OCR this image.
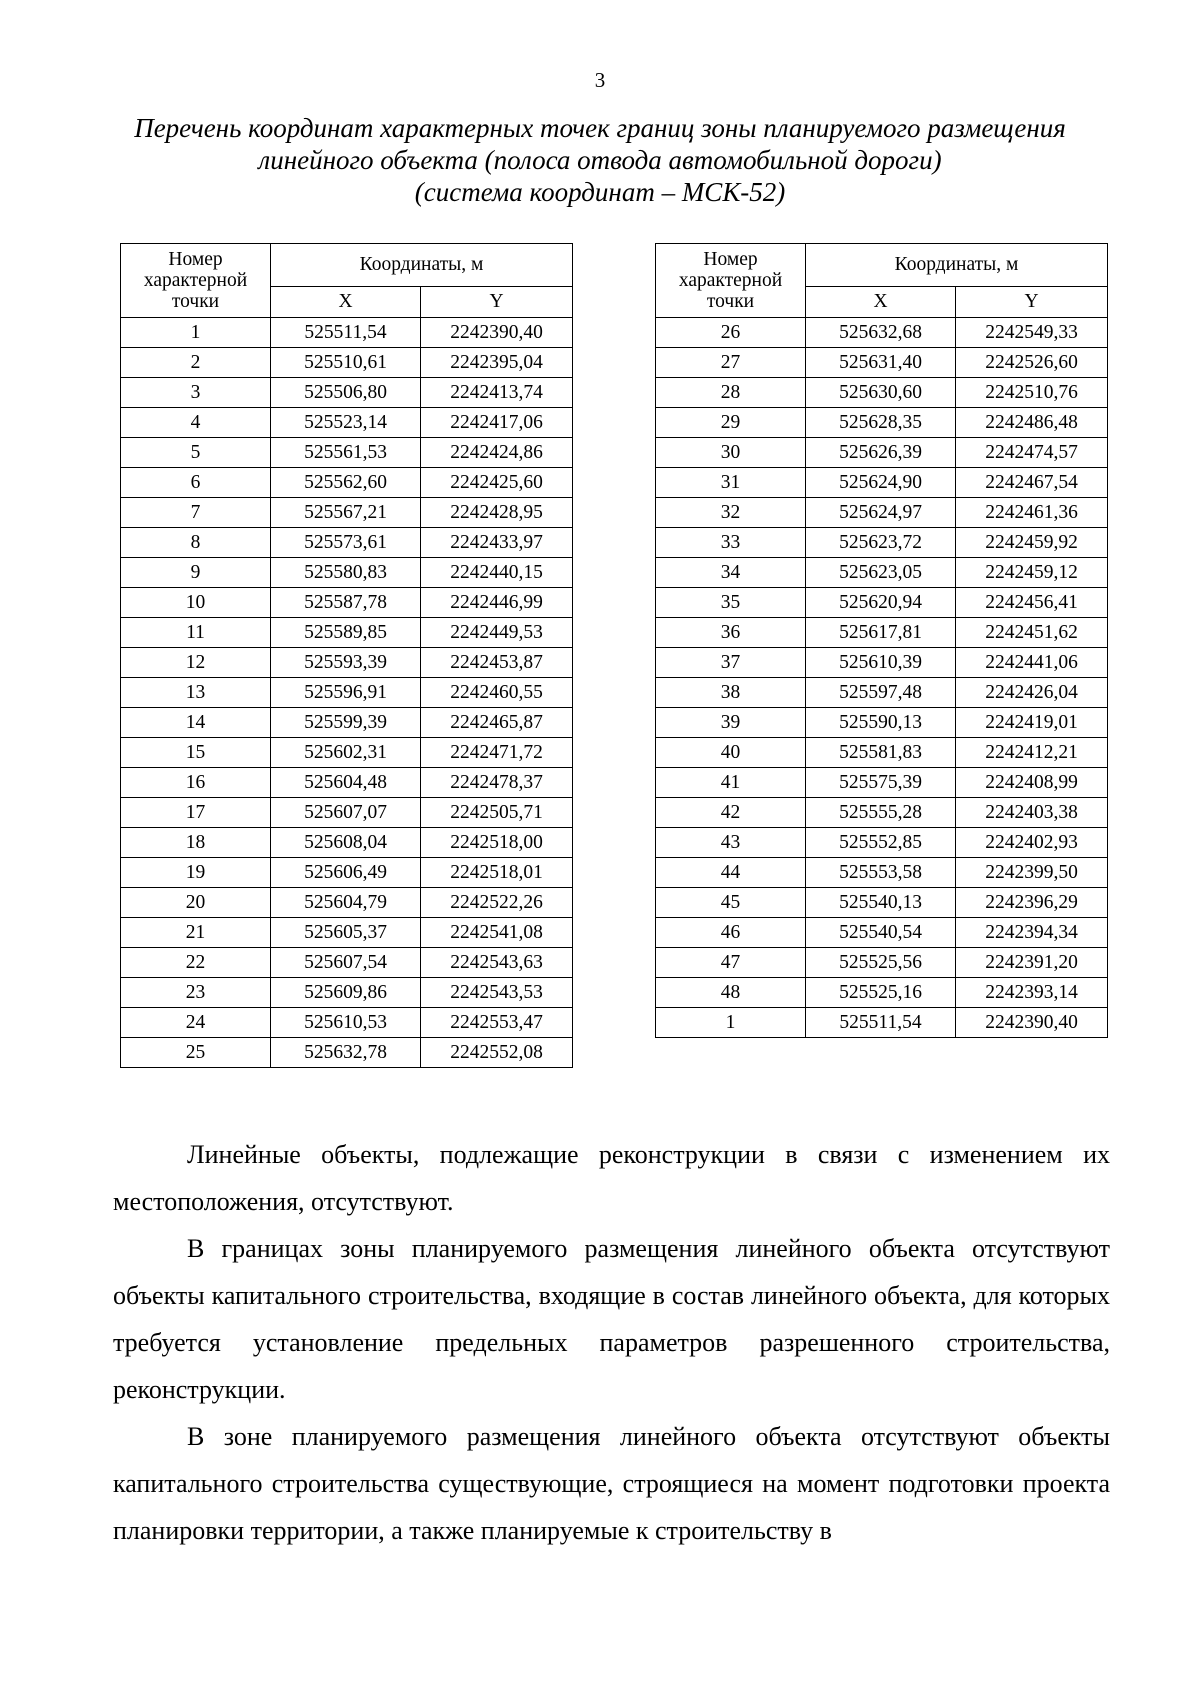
3
Перечень координат характерных точек границ зоны планируемого размещения
линейного объекта (полоса отвода автомобильной дороги)
(система координат – МСК-52)
Номер характерной точки	Координаты, м	
	X	Y
1	525511,54	2242390,40
2	525510,61	2242395,04
3	525506,80	2242413,74
4	525523,14	2242417,06
5	525561,53	2242424,86
6	525562,60	2242425,60
7	525567,21	2242428,95
8	525573,61	2242433,97
9	525580,83	2242440,15
10	525587,78	2242446,99
11	525589,85	2242449,53
12	525593,39	2242453,87
13	525596,91	2242460,55
14	525599,39	2242465,87
15	525602,31	2242471,72
16	525604,48	2242478,37
17	525607,07	2242505,71
18	525608,04	2242518,00
19	525606,49	2242518,01
20	525604,79	2242522,26
21	525605,37	2242541,08
22	525607,54	2242543,63
23	525609,86	2242543,53
24	525610,53	2242553,47
25	525632,78	2242552,08
Номер характерной точки	Координаты, м	
	X	Y
26	525632,68	2242549,33
27	525631,40	2242526,60
28	525630,60	2242510,76
29	525628,35	2242486,48
30	525626,39	2242474,57
31	525624,90	2242467,54
32	525624,97	2242461,36
33	525623,72	2242459,92
34	525623,05	2242459,12
35	525620,94	2242456,41
36	525617,81	2242451,62
37	525610,39	2242441,06
38	525597,48	2242426,04
39	525590,13	2242419,01
40	525581,83	2242412,21
41	525575,39	2242408,99
42	525555,28	2242403,38
43	525552,85	2242402,93
44	525553,58	2242399,50
45	525540,13	2242396,29
46	525540,54	2242394,34
47	525525,56	2242391,20
48	525525,16	2242393,14
1	525511,54	2242390,40

Линейные объекты, подлежащие реконструкции в связи с изменением их местоположения, отсутствуют.

В границах зоны планируемого размещения линейного объекта отсутствуют объекты капитального строительства, входящие в состав линейного объекта, для которых требуется установление предельных параметров разрешенного строительства, реконструкции.

В зоне планируемого размещения линейного объекта отсутствуют объекты капитального строительства существующие, строящиеся на момент подготовки проекта планировки территории, а также планируемые к строительству в
